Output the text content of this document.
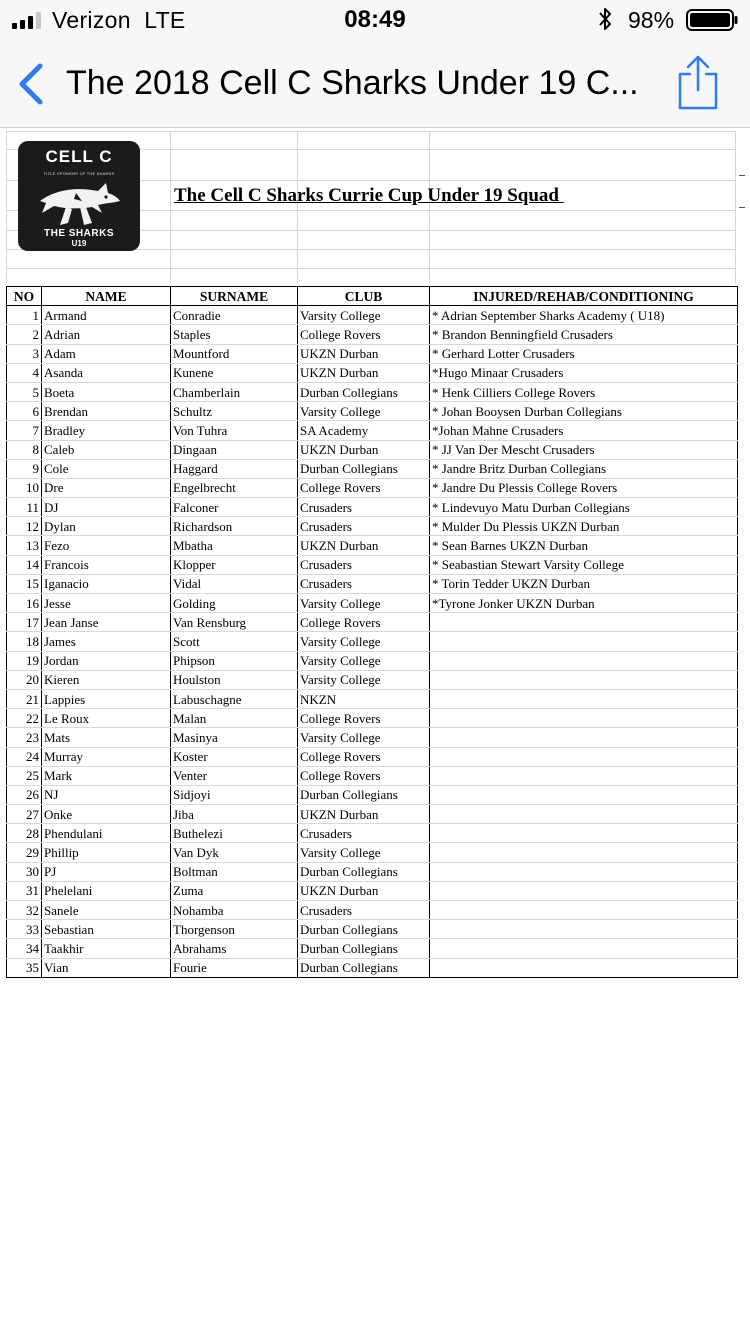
Verizon  LTE	08:49	98%
The 2018 Cell C Sharks Under 19 C...
CELL C
TITLE SPONSOR OF THE SHARKS
THE SHARKS
U19
The Cell C Sharks Currie Cup Under 19 Squad
NO	NAME	SURNAME	CLUB	INJURED/REHAB/CONDITIONING
1	Armand	Conradie	Varsity College	* Adrian September Sharks Academy ( U18)
2	Adrian	Staples	College Rovers	* Brandon Benningfield Crusaders
3	Adam	Mountford	UKZN Durban	* Gerhard Lotter Crusaders
4	Asanda	Kunene	UKZN Durban	*Hugo Minaar Crusaders
5	Boeta	Chamberlain	Durban Collegians	* Henk Cilliers College Rovers
6	Brendan	Schultz	Varsity College	* Johan Booysen Durban Collegians
7	Bradley	Von Tuhra	SA Academy	*Johan Mahne Crusaders
8	Caleb	Dingaan	UKZN Durban	* JJ Van Der Mescht Crusaders
9	Cole	Haggard	Durban Collegians	* Jandre Britz Durban Collegians
10	Dre	Engelbrecht	College Rovers	* Jandre Du Plessis College Rovers
11	DJ	Falconer	Crusaders	* Lindevuyo Matu Durban Collegians
12	Dylan	Richardson	Crusaders	* Mulder Du Plessis UKZN Durban
13	Fezo	Mbatha	UKZN Durban	* Sean Barnes UKZN Durban
14	Francois	Klopper	Crusaders	* Seabastian Stewart Varsity College
15	Iganacio	Vidal	Crusaders	* Torin Tedder UKZN Durban
16	Jesse	Golding	Varsity College	*Tyrone Jonker UKZN Durban
17	Jean Janse	Van Rensburg	College Rovers	
18	James	Scott	Varsity College	
19	Jordan	Phipson	Varsity College	
20	Kieren	Houlston	Varsity College	
21	Lappies	Labuschagne	NKZN	
22	Le Roux	Malan	College Rovers	
23	Mats	Masinya	Varsity College	
24	Murray	Koster	College Rovers	
25	Mark	Venter	College Rovers	
26	NJ	Sidjoyi	Durban Collegians	
27	Onke	Jiba	UKZN Durban	
28	Phendulani	Buthelezi	Crusaders	
29	Phillip	Van Dyk	Varsity College	
30	PJ	Boltman	Durban Collegians	
31	Phelelani	Zuma	UKZN Durban	
32	Sanele	Nohamba	Crusaders	
33	Sebastian	Thorgenson	Durban Collegians	
34	Taakhir	Abrahams	Durban Collegians	
35	Vian	Fourie	Durban Collegians	
